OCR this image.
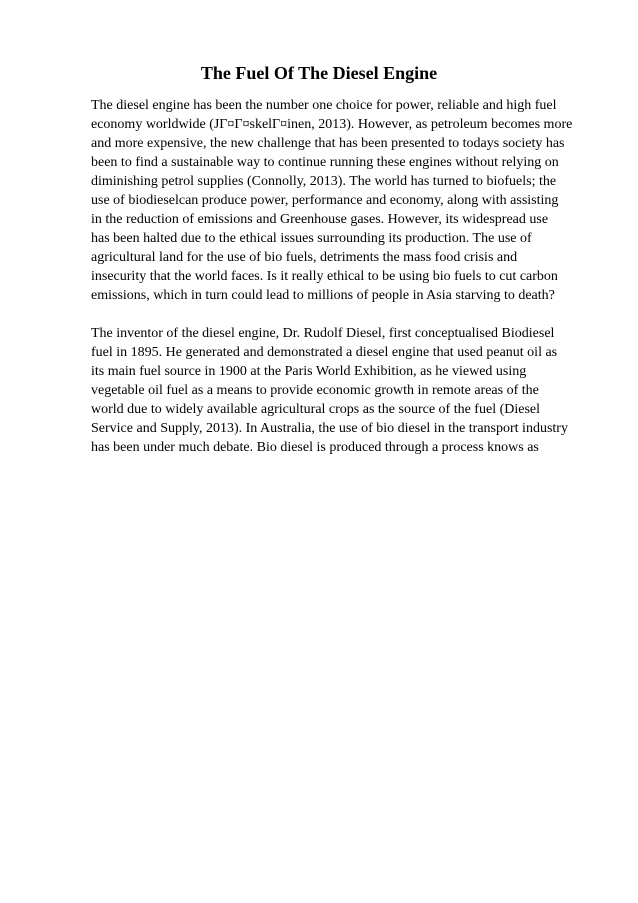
The Fuel Of The Diesel Engine
The diesel engine has been the number one choice for power, reliable and high fuel
economy worldwide (JГ¤Г¤skelГ¤inen, 2013). However, as petroleum becomes more
and more expensive, the new challenge that has been presented to todays society has
been to find a sustainable way to continue running these engines without relying on
diminishing petrol supplies (Connolly, 2013). The world has turned to biofuels; the
use of biodieselcan produce power, performance and economy, along with assisting
in the reduction of emissions and Greenhouse gases. However, its widespread use
has been halted due to the ethical issues surrounding its production. The use of
agricultural land for the use of bio fuels, detriments the mass food crisis and
insecurity that the world faces. Is it really ethical to be using bio fuels to cut carbon
emissions, which in turn could lead to millions of people in Asia starving to death?
The inventor of the diesel engine, Dr. Rudolf Diesel, first conceptualised Biodiesel
fuel in 1895. He generated and demonstrated a diesel engine that used peanut oil as
its main fuel source in 1900 at the Paris World Exhibition, as he viewed using
vegetable oil fuel as a means to provide economic growth in remote areas of the
world due to widely available agricultural crops as the source of the fuel (Diesel
Service and Supply, 2013). In Australia, the use of bio diesel in the transport industry
has been under much debate. Bio diesel is produced through a process knows as
